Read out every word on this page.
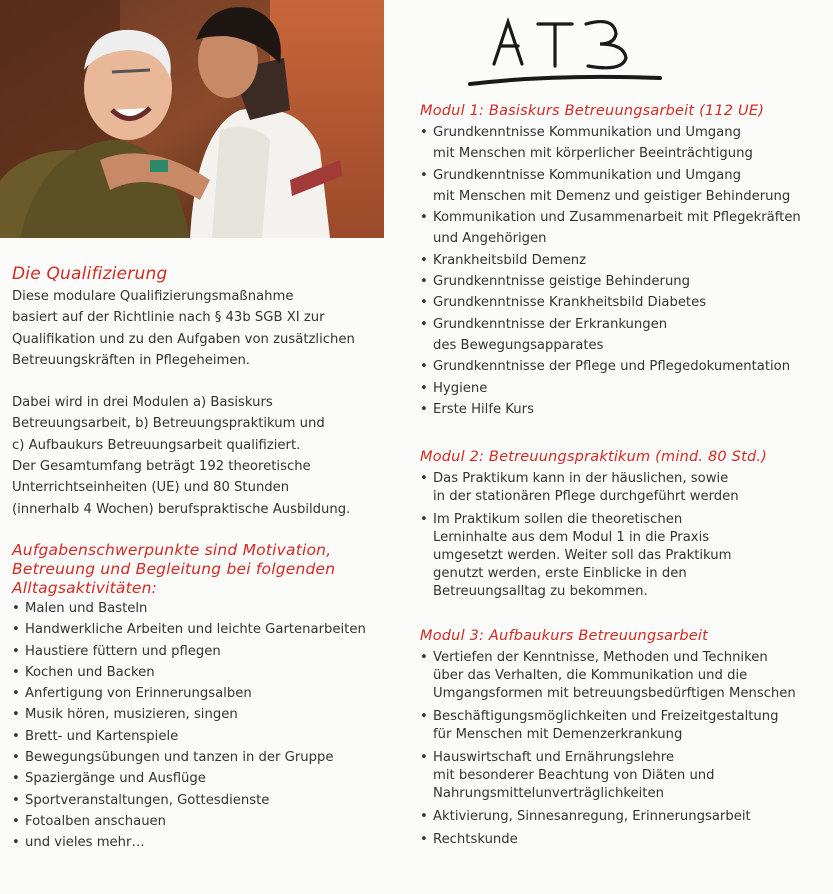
Die Qualifizierung
Diese modulare Qualifizierungsmaßnahme
basiert auf der Richtlinie nach § 43b SGB XI zur
Qualifikation und zu den Aufgaben von zusätzlichen
Betreuungskräften in Pflegeheimen.
Dabei wird in drei Modulen a) Basiskurs
Betreuungsarbeit, b) Betreuungspraktikum und
c) Aufbaukurs Betreuungsarbeit qualifiziert.
Der Gesamtumfang beträgt 192 theoretische
Unterrichtseinheiten (UE) und 80 Stunden
(innerhalb 4 Wochen) berufspraktische Ausbildung.
Aufgabenschwerpunkte sind Motivation,
Betreuung und Begleitung bei folgenden
Alltagsaktivitäten:
• Malen und Basteln
• Handwerkliche Arbeiten und leichte Gartenarbeiten
• Haustiere füttern und pflegen
• Kochen und Backen
• Anfertigung von Erinnerungsalben
• Musik hören, musizieren, singen
• Brett- und Kartenspiele
• Bewegungsübungen und tanzen in der Gruppe
• Spaziergänge und Ausflüge
• Sportveranstaltungen, Gottesdienste
• Fotoalben anschauen
• und vieles mehr…
Modul 1: Basiskurs Betreuungsarbeit (112 UE)
• Grundkenntnisse Kommunikation und Umgang
mit Menschen mit körperlicher Beeinträchtigung
• Grundkenntnisse Kommunikation und Umgang
mit Menschen mit Demenz und geistiger Behinderung
• Kommunikation und Zusammenarbeit mit Pflegekräften
und Angehörigen
• Krankheitsbild Demenz
• Grundkenntnisse geistige Behinderung
• Grundkenntnisse Krankheitsbild Diabetes
• Grundkenntnisse der Erkrankungen
des Bewegungsapparates
• Grundkenntnisse der Pflege und Pflegedokumentation
• Hygiene
• Erste Hilfe Kurs
Modul 2: Betreuungspraktikum (mind. 80 Std.)
• Das Praktikum kann in der häuslichen, sowie
in der stationären Pflege durchgeführt werden
• Im Praktikum sollen die theoretischen
Lerninhalte aus dem Modul 1 in die Praxis
umgesetzt werden. Weiter soll das Praktikum
genutzt werden, erste Einblicke in den
Betreuungsalltag zu bekommen.
Modul 3: Aufbaukurs Betreuungsarbeit
• Vertiefen der Kenntnisse, Methoden und Techniken
über das Verhalten, die Kommunikation und die
Umgangsformen mit betreuungsbedürftigen Menschen
• Beschäftigungsmöglichkeiten und Freizeitgestaltung
für Menschen mit Demenzerkrankung
• Hauswirtschaft und Ernährungslehre
mit besonderer Beachtung von Diäten und
Nahrungsmittelunverträglichkeiten
• Aktivierung, Sinnesanregung, Erinnerungsarbeit
• Rechtskunde
